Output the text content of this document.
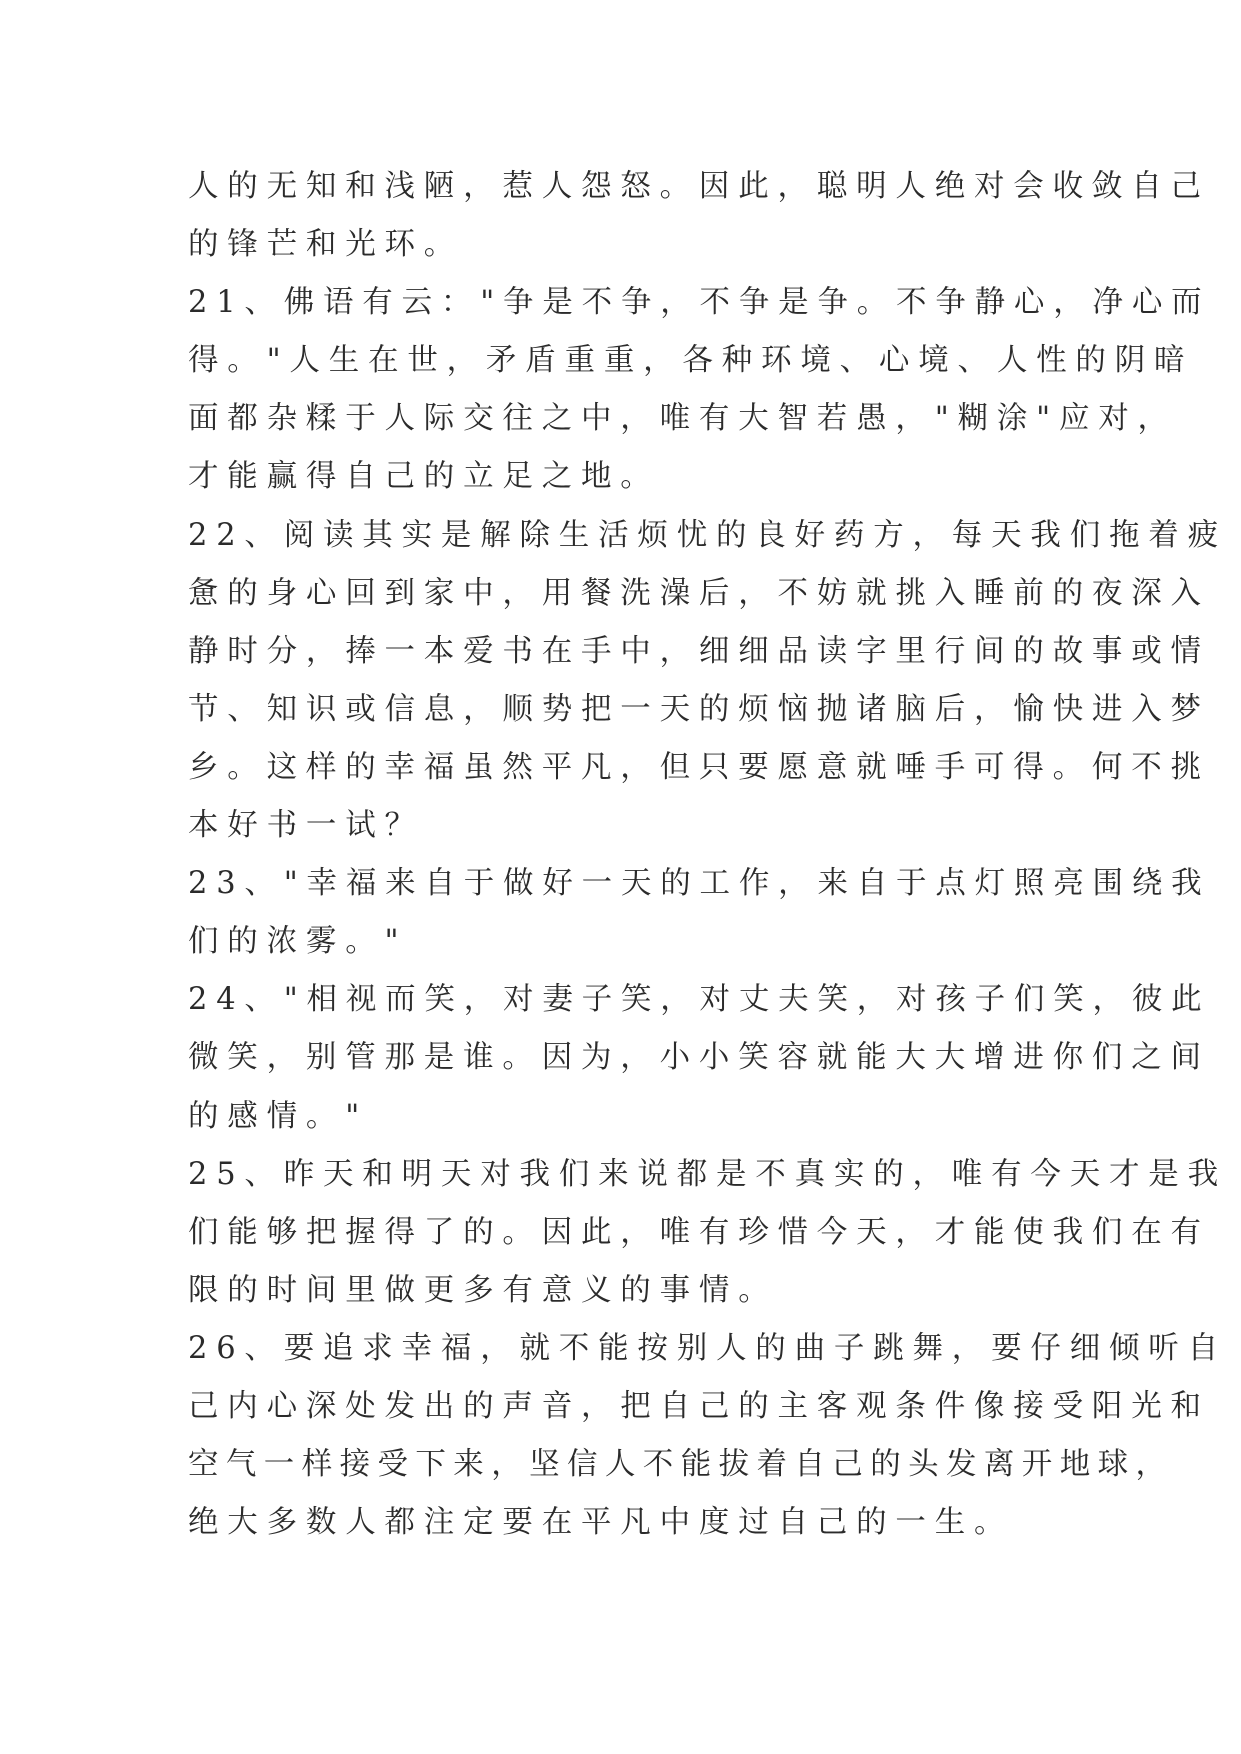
人的无知和浅陋，惹人怨怒。因此，聪明人绝对会收敛自己
的锋芒和光环。
21、佛语有云："争是不争，不争是争。不争静心，净心而
得。"人生在世，矛盾重重，各种环境、心境、人性的阴暗
面都杂糅于人际交往之中，唯有大智若愚，"糊涂"应对，
才能赢得自己的立足之地。
22、阅读其实是解除生活烦忧的良好药方，每天我们拖着疲
惫的身心回到家中，用餐洗澡后，不妨就挑入睡前的夜深入
静时分，捧一本爱书在手中，细细品读字里行间的故事或情
节、知识或信息，顺势把一天的烦恼抛诸脑后，愉快进入梦
乡。这样的幸福虽然平凡，但只要愿意就唾手可得。何不挑
本好书一试？
23、"幸福来自于做好一天的工作，来自于点灯照亮围绕我
们的浓雾。"
24、"相视而笑，对妻子笑，对丈夫笑，对孩子们笑，彼此
微笑，别管那是谁。因为，小小笑容就能大大增进你们之间
的感情。"
25、昨天和明天对我们来说都是不真实的，唯有今天才是我
们能够把握得了的。因此，唯有珍惜今天，才能使我们在有
限的时间里做更多有意义的事情。
26、要追求幸福，就不能按别人的曲子跳舞，要仔细倾听自
己内心深处发出的声音，把自己的主客观条件像接受阳光和
空气一样接受下来，坚信人不能拔着自己的头发离开地球，
绝大多数人都注定要在平凡中度过自己的一生。
